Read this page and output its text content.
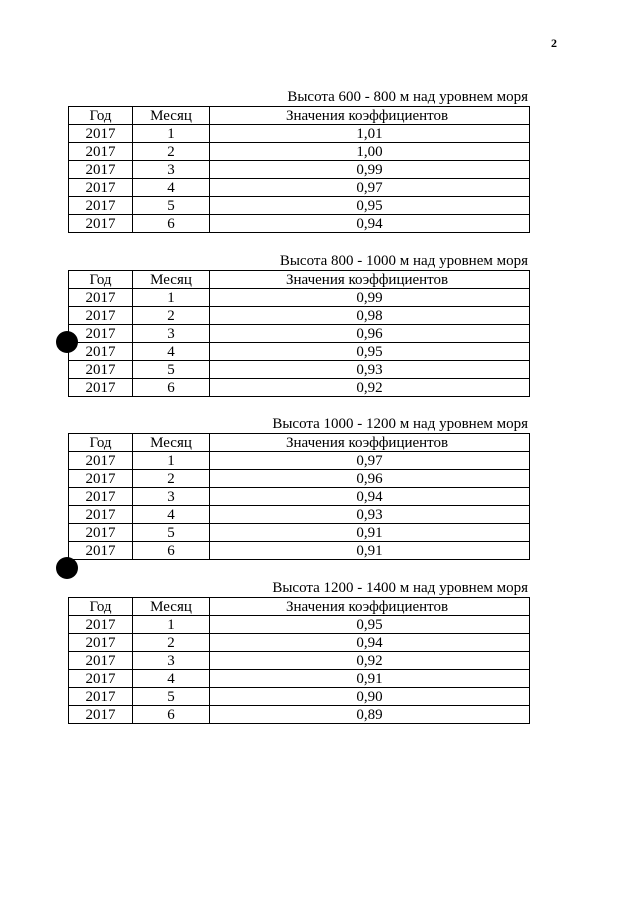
2
Высота 600 - 800 м над уровнем моря
Год	Месяц	Значения коэффициентов
2017	1	1,01
2017	2	1,00
2017	3	0,99
2017	4	0,97
2017	5	0,95
2017	6	0,94
Высота 800 - 1000 м над уровнем моря
Год	Месяц	Значения коэффициентов
2017	1	0,99
2017	2	0,98
2017	3	0,96
2017	4	0,95
2017	5	0,93
2017	6	0,92
Высота 1000 - 1200 м над уровнем моря
Год	Месяц	Значения коэффициентов
2017	1	0,97
2017	2	0,96
2017	3	0,94
2017	4	0,93
2017	5	0,91
2017	6	0,91
Высота 1200 - 1400 м над уровнем моря
Год	Месяц	Значения коэффициентов
2017	1	0,95
2017	2	0,94
2017	3	0,92
2017	4	0,91
2017	5	0,90
2017	6	0,89
